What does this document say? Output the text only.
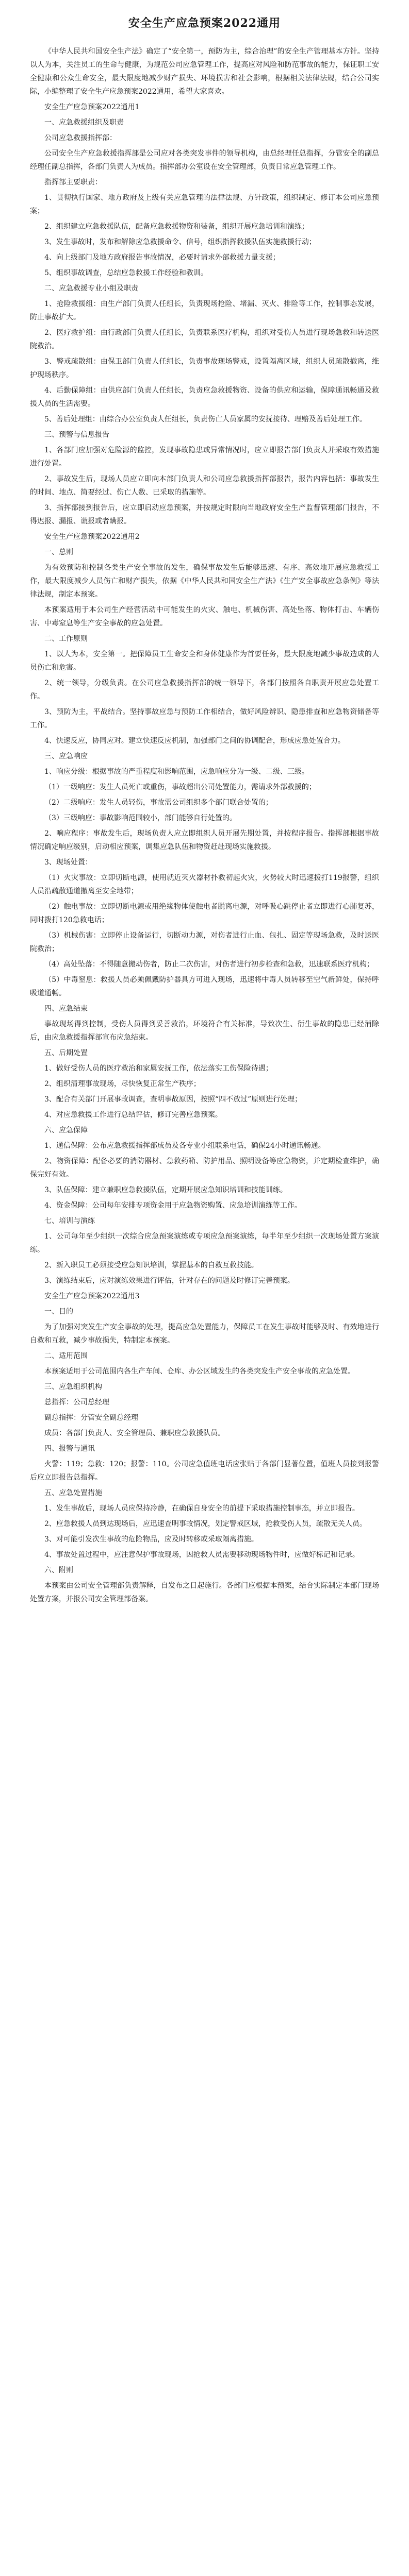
安全生产应急预案2022通用

《中华人民共和国安全生产法》确定了“安全第一，预防为主，综合治理”的安全生产管理基本方针。坚持以人为本，关注员工的生命与健康，为规范公司应急管理工作，提高应对风险和防范事故的能力，保证职工安全健康和公众生命安全，最大限度地减少财产损失、环境损害和社会影响，根据相关法律法规，结合公司实际，小编整理了安全生产应急预案2022通用，希望大家喜欢。

安全生产应急预案2022通用1

一、应急救援组织及职责

公司应急救援指挥部：

公司安全生产应急救援指挥部是公司应对各类突发事件的领导机构，由总经理任总指挥，分管安全的副总经理任副总指挥，各部门负责人为成员。指挥部办公室设在安全管理部，负责日常应急管理工作。

指挥部主要职责：

1、贯彻执行国家、地方政府及上级有关应急管理的法律法规、方针政策，组织制定、修订本公司应急预案；

2、组织建立应急救援队伍，配备应急救援物资和装备，组织开展应急培训和演练；

3、发生事故时，发布和解除应急救援命令、信号，组织指挥救援队伍实施救援行动；

4、向上级部门及地方政府报告事故情况，必要时请求外部救援力量支援；

5、组织事故调查，总结应急救援工作经验和教训。

二、应急救援专业小组及职责

1、抢险救援组：由生产部门负责人任组长，负责现场抢险、堵漏、灭火、排险等工作，控制事态发展，防止事故扩大。

2、医疗救护组：由行政部门负责人任组长，负责联系医疗机构，组织对受伤人员进行现场急救和转送医院救治。

3、警戒疏散组：由保卫部门负责人任组长，负责事故现场警戒，设置隔离区域，组织人员疏散撤离，维护现场秩序。

4、后勤保障组：由供应部门负责人任组长，负责应急救援物资、设备的供应和运输，保障通讯畅通及救援人员的生活需要。

5、善后处理组：由综合办公室负责人任组长，负责伤亡人员家属的安抚接待、理赔及善后处理工作。

三、预警与信息报告

1、各部门应加强对危险源的监控，发现事故隐患或异常情况时，应立即报告部门负责人并采取有效措施进行处置。

2、事故发生后，现场人员应立即向本部门负责人和公司应急救援指挥部报告，报告内容包括：事故发生的时间、地点、简要经过、伤亡人数、已采取的措施等。

3、指挥部接到报告后，应立即启动应急预案，并按规定时限向当地政府安全生产监督管理部门报告，不得迟报、漏报、谎报或者瞒报。

安全生产应急预案2022通用2

一、总则

为有效预防和控制各类生产安全事故的发生，确保事故发生后能够迅速、有序、高效地开展应急救援工作，最大限度减少人员伤亡和财产损失，依据《中华人民共和国安全生产法》《生产安全事故应急条例》等法律法规，制定本预案。

本预案适用于本公司生产经营活动中可能发生的火灾、触电、机械伤害、高处坠落、物体打击、车辆伤害、中毒窒息等生产安全事故的应急处置。

二、工作原则

1、以人为本，安全第一。把保障员工生命安全和身体健康作为首要任务，最大限度地减少事故造成的人员伤亡和危害。

2、统一领导，分级负责。在公司应急救援指挥部的统一领导下，各部门按照各自职责开展应急处置工作。

3、预防为主，平战结合。坚持事故应急与预防工作相结合，做好风险辨识、隐患排查和应急物资储备等工作。

4、快速反应，协同应对。建立快速反应机制，加强部门之间的协调配合，形成应急处置合力。

三、应急响应

1、响应分级：根据事故的严重程度和影响范围，应急响应分为一级、二级、三级。

（1）一级响应：发生人员死亡或重伤，事故超出公司处置能力，需请求外部救援的；

（2）二级响应：发生人员轻伤，事故需公司组织多个部门联合处置的；

（3）三级响应：事故影响范围较小，部门能够自行处置的。

2、响应程序：事故发生后，现场负责人应立即组织人员开展先期处置，并按程序报告。指挥部根据事故情况确定响应级别，启动相应预案，调集应急队伍和物资赶赴现场实施救援。

3、现场处置：

（1）火灾事故：立即切断电源，使用就近灭火器材扑救初起火灾，火势较大时迅速拨打119报警，组织人员沿疏散通道撤离至安全地带；

（2）触电事故：立即切断电源或用绝缘物体使触电者脱离电源，对呼吸心跳停止者立即进行心肺复苏，同时拨打120急救电话；

（3）机械伤害：立即停止设备运行，切断动力源，对伤者进行止血、包扎、固定等现场急救，及时送医院救治；

（4）高处坠落：不得随意搬动伤者，防止二次伤害，对伤者进行初步检查和急救，迅速联系医疗机构；

（5）中毒窒息：救援人员必须佩戴防护器具方可进入现场，迅速将中毒人员转移至空气新鲜处，保持呼吸道通畅。

四、应急结束

事故现场得到控制，受伤人员得到妥善救治，环境符合有关标准，导致次生、衍生事故的隐患已经消除后，由应急救援指挥部宣布应急结束。

五、后期处置

1、做好受伤人员的医疗救治和家属安抚工作，依法落实工伤保险待遇；

2、组织清理事故现场，尽快恢复正常生产秩序；

3、配合有关部门开展事故调查，查明事故原因，按照“四不放过”原则进行处理；

4、对应急救援工作进行总结评估，修订完善应急预案。

六、应急保障

1、通信保障：公布应急救援指挥部成员及各专业小组联系电话，确保24小时通讯畅通。

2、物资保障：配备必要的消防器材、急救药箱、防护用品、照明设备等应急物资，并定期检查维护，确保完好有效。

3、队伍保障：建立兼职应急救援队伍，定期开展应急知识培训和技能训练。

4、资金保障：公司每年安排专项资金用于应急物资购置、应急培训演练等工作。

七、培训与演练

1、公司每年至少组织一次综合应急预案演练或专项应急预案演练，每半年至少组织一次现场处置方案演练。

2、新入职员工必须接受应急知识培训，掌握基本的自救互救技能。

3、演练结束后，应对演练效果进行评估，针对存在的问题及时修订完善预案。

安全生产应急预案2022通用3

一、目的

为了加强对突发生产安全事故的处理，提高应急处置能力，保障员工在发生事故时能够及时、有效地进行自救和互救，减少事故损失，特制定本预案。

二、适用范围

本预案适用于公司范围内各生产车间、仓库、办公区域发生的各类突发生产安全事故的应急处置。

三、应急组织机构

总指挥：公司总经理

副总指挥：分管安全副总经理

成员：各部门负责人、安全管理员、兼职应急救援队员。

四、报警与通讯

火警：119；急救：120；报警：110。公司应急值班电话应张贴于各部门显著位置，值班人员接到报警后应立即报告总指挥。

五、应急处置措施

1、发生事故后，现场人员应保持冷静，在确保自身安全的前提下采取措施控制事态，并立即报告。

2、应急救援人员到达现场后，应迅速查明事故情况，划定警戒区域，抢救受伤人员，疏散无关人员。

3、对可能引发次生事故的危险物品，应及时转移或采取隔离措施。

4、事故处置过程中，应注意保护事故现场，因抢救人员需要移动现场物件时，应做好标记和记录。

六、附则

本预案由公司安全管理部负责解释，自发布之日起施行。各部门应根据本预案，结合实际制定本部门现场处置方案，并报公司安全管理部备案。
